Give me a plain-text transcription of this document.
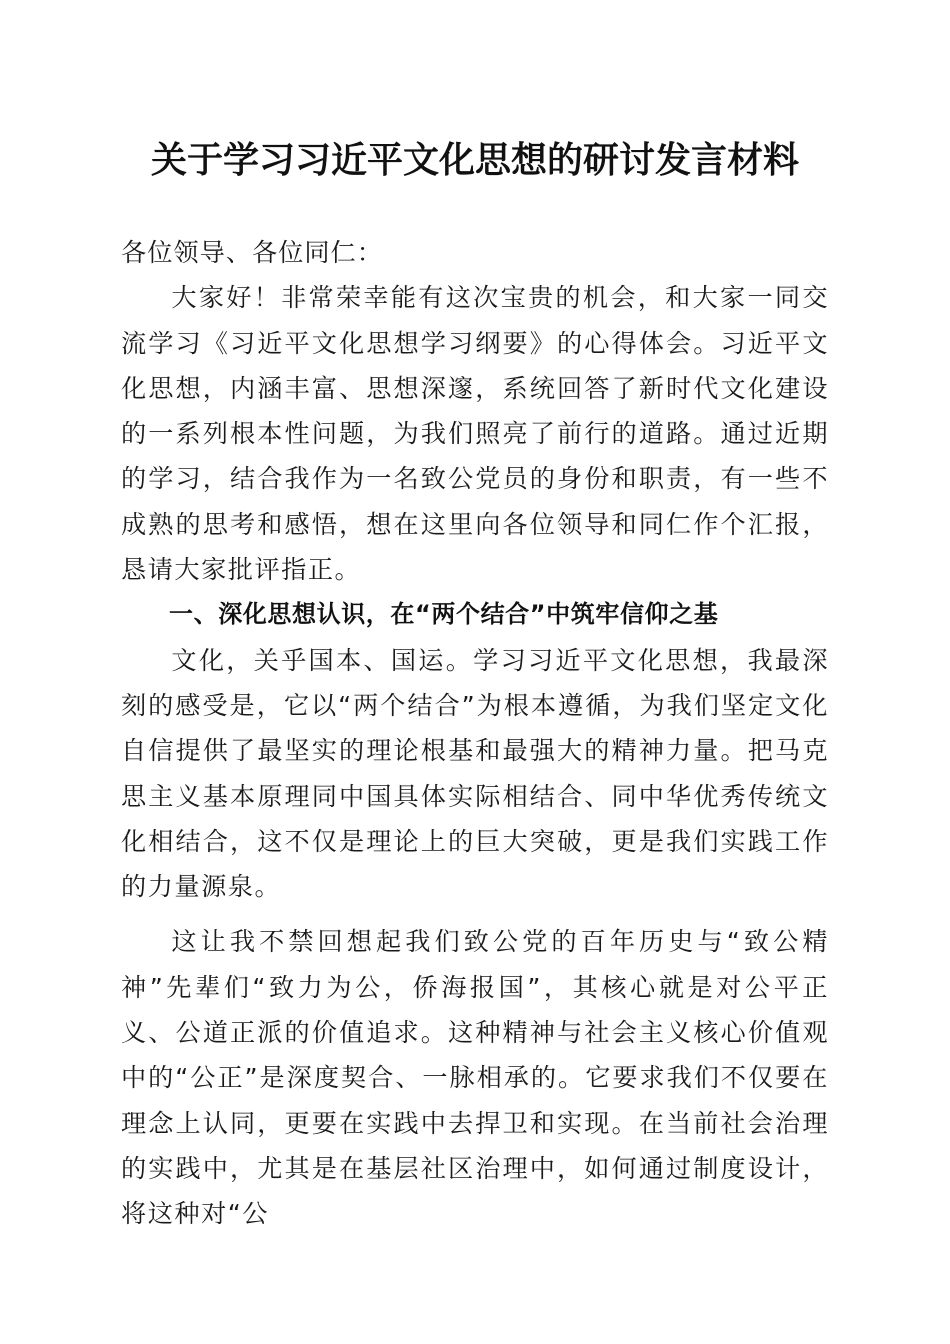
关于学习习近平文化思想的研讨发言材料

各位领导、各位同仁：

大家好！非常荣幸能有这次宝贵的机会，和大家一同交流学习《习近平文化思想学习纲要》的心得体会。习近平文化思想，内涵丰富、思想深邃，系统回答了新时代文化建设的一系列根本性问题，为我们照亮了前行的道路。通过近期的学习，结合我作为一名致公党员的身份和职责，有一些不成熟的思考和感悟，想在这里向各位领导和同仁作个汇报，恳请大家批评指正。

一、深化思想认识，在“两个结合”中筑牢信仰之基

文化，关乎国本、国运。学习习近平文化思想，我最深刻的感受是，它以“两个结合”为根本遵循，为我们坚定文化自信提供了最坚实的理论根基和最强大的精神力量。把马克思主义基本原理同中国具体实际相结合、同中华优秀传统文化相结合，这不仅是理论上的巨大突破，更是我们实践工作的力量源泉。

这让我不禁回想起我们致公党的百年历史与“致公精神”先辈们“致力为公，侨海报国”，其核心就是对公平正义、公道正派的价值追求。这种精神与社会主义核心价值观中的“公正”是深度契合、一脉相承的。它要求我们不仅要在理念上认同，更要在实践中去捍卫和实现。在当前社会治理的实践中，尤其是在基层社区治理中，如何通过制度设计，将这种对“公
